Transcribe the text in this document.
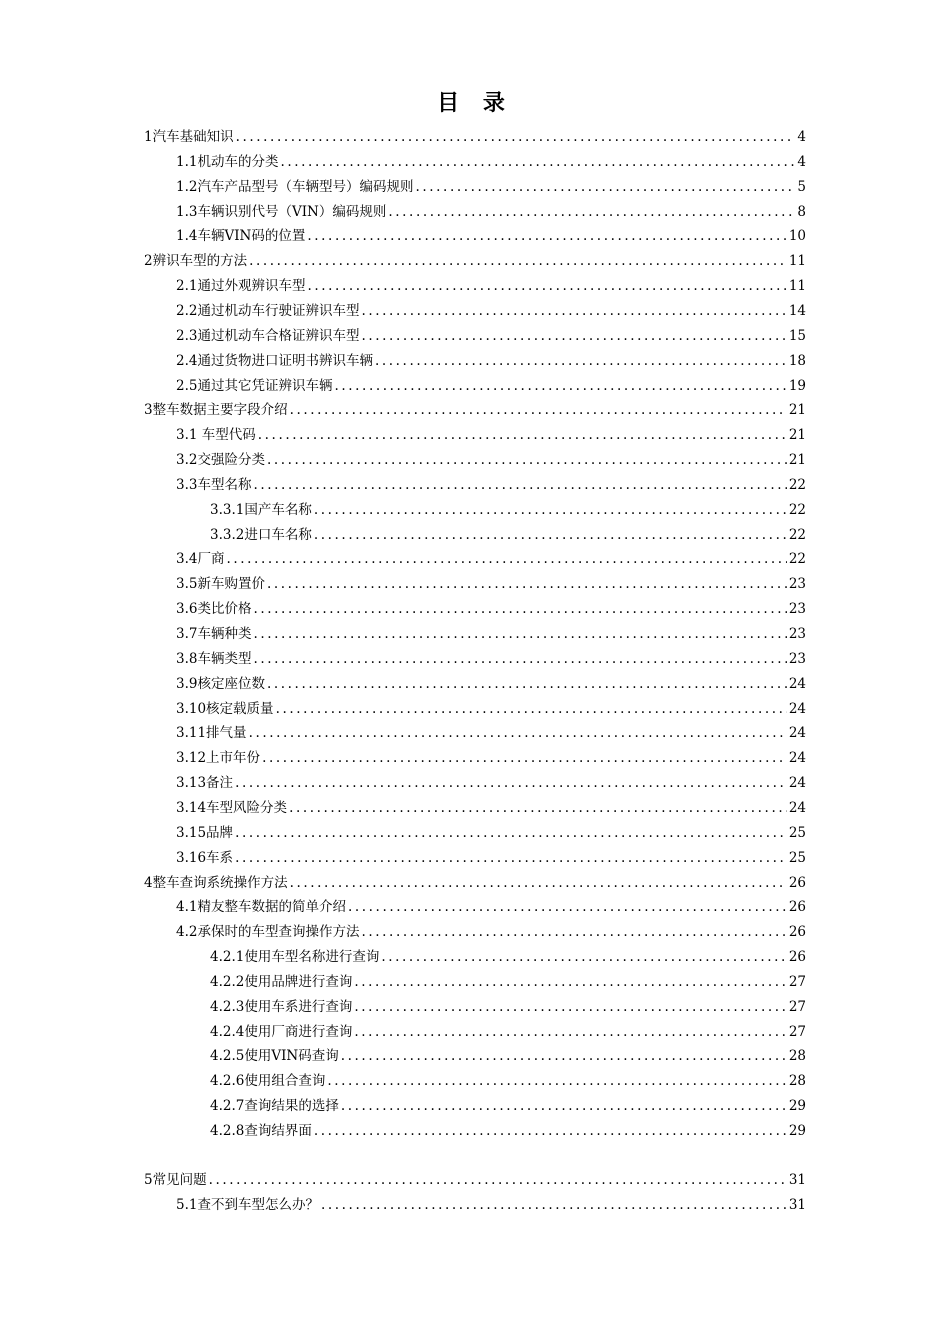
目 录
1汽车基础知识 .....	4
1.1机动车的分类 .....	4
1.2汽车产品型号（车辆型号）编码规则 .....	5
1.3车辆识别代号（VIN）编码规则 .....	8
1.4车辆VIN码的位置 .....	10
2辨识车型的方法 .....	11
2.1通过外观辨识车型 .....	11
2.2通过机动车行驶证辨识车型 .....	14
2.3通过机动车合格证辨识车型 .....	15
2.4通过货物进口证明书辨识车辆 .....	18
2.5通过其它凭证辨识车辆 .....	19
3整车数据主要字段介绍 .....	21
3.1 车型代码 .....	21
3.2交强险分类 .....	21
3.3车型名称 .....	22
3.3.1国产车名称 .....	22
3.3.2进口车名称 .....	22
3.4厂商 .....	22
3.5新车购置价 .....	23
3.6类比价格 .....	23
3.7车辆种类 .....	23
3.8车辆类型 .....	23
3.9核定座位数 .....	24
3.10核定载质量 .....	24
3.11排气量 .....	24
3.12上市年份 .....	24
3.13备注 .....	24
3.14车型风险分类 .....	24
3.15品牌 .....	25
3.16车系 .....	25
4整车查询系统操作方法 .....	26
4.1精友整车数据的简单介绍 .....	26
4.2承保时的车型查询操作方法 .....	26
4.2.1使用车型名称进行查询 .....	26
4.2.2使用品牌进行查询 .....	27
4.2.3使用车系进行查询 .....	27
4.2.4使用厂商进行查询 .....	27
4.2.5使用VIN码查询 .....	28
4.2.6使用组合查询 .....	28
4.2.7查询结果的选择 .....	29
4.2.8查询结界面 .....	29
5常见问题 .....	31
5.1查不到车型怎么办？ .....	31
